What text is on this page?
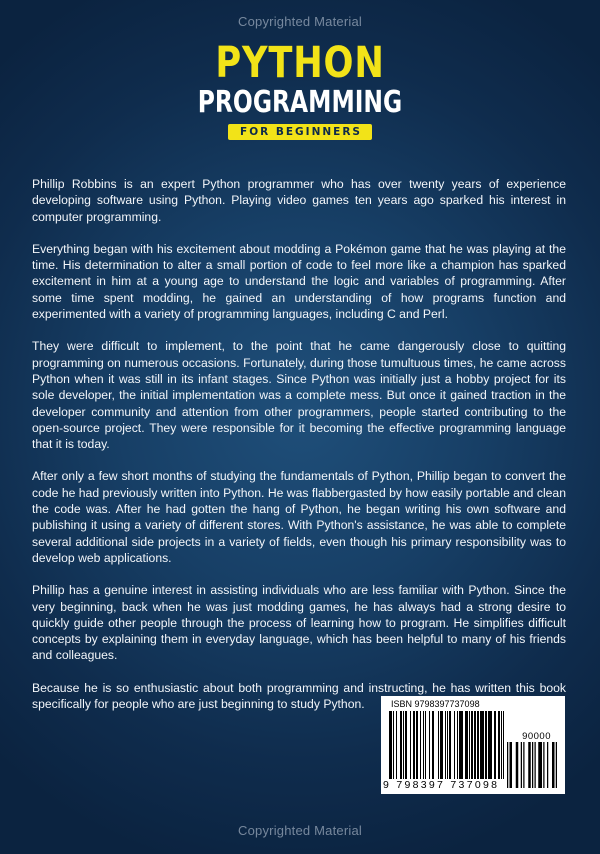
Copyrighted Material
PYTHON
PROGRAMMING
FOR BEGINNERS

Phillip Robbins is an expert Python programmer who has over twenty years of experience developing software using Python. Playing video games ten years ago sparked his interest in computer programming.

Everything began with his excitement about modding a Pokémon game that he was playing at the time. His determination to alter a small portion of code to feel more like a champion has sparked excitement in him at a young age to understand the logic and variables of programming. After some time spent modding, he gained an understanding of how programs function and experimented with a variety of programming languages, including C and Perl.

They were difficult to implement, to the point that he came dangerously close to quitting programming on numerous occasions. Fortunately, during those tumultuous times, he came across Python when it was still in its infant stages. Since Python was initially just a hobby project for its sole developer, the initial implementation was a complete mess. But once it gained traction in the developer community and attention from other programmers, people started contributing to the open-source project. They were responsible for it becoming the effective programming language that it is today.

After only a few short months of studying the fundamentals of Python, Phillip began to convert the code he had previously written into Python. He was flabbergasted by how easily portable and clean the code was. After he had gotten the hang of Python, he began writing his own software and publishing it using a variety of different stores. With Python's assistance, he was able to complete several additional side projects in a variety of fields, even though his primary responsibility was to develop web applications.

Phillip has a genuine interest in assisting individuals who are less familiar with Python. Since the very beginning, back when he was just modding games, he has always had a strong desire to quickly guide other people through the process of learning how to program. He simplifies difficult concepts by explaining them in everyday language, which has been helpful to many of his friends and colleagues.

Because he is so enthusiastic about both programming and instructing, he has written this book specifically for people who are just beginning to study Python.	ISBN 9798397737098
90000
9 798397 737098
Copyrighted Material
